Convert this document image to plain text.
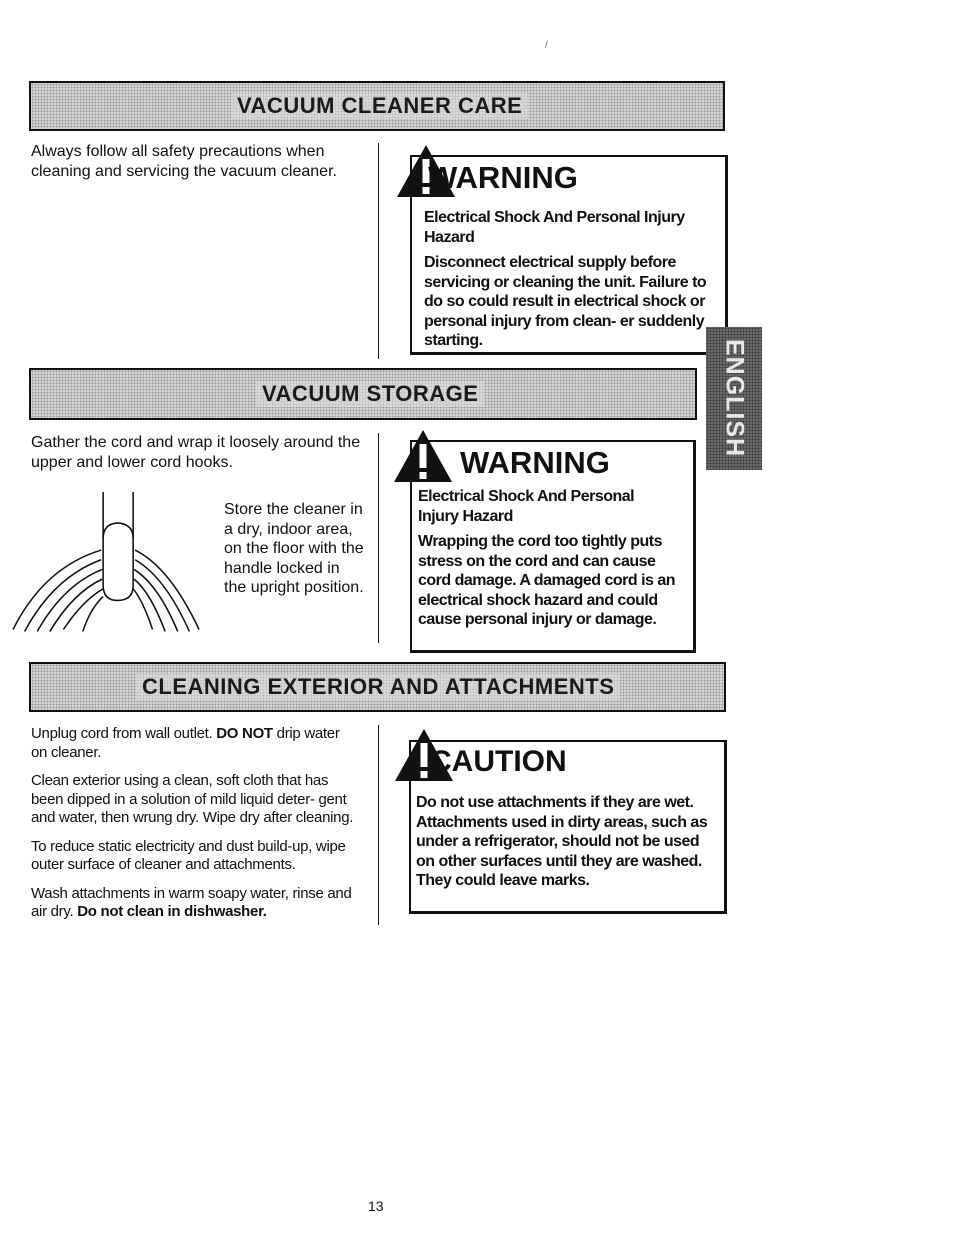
/
VACUUM CLEANER CARE
Always follow all safety precautions when cleaning and servicing the vacuum cleaner.	WARNING

Electrical Shock And Personal Injury Hazard

Disconnect electrical supply before servicing or cleaning the unit. Failure to do so could result in electrical shock or personal injury from clean- er suddenly starting.	ENGLISH
VACUUM STORAGE
Gather the cord and wrap it loosely around the upper and lower cord hooks.
Store the cleaner in a dry, indoor area, on the floor with the handle locked in the upright position.
WARNING

Electrical Shock And Personal Injury Hazard

Wrapping the cord too tightly puts stress on the cord and can cause cord damage. A damaged cord is an electrical shock hazard and could cause personal injury or damage.

CLEANING EXTERIOR AND ATTACHMENTS

Unplug cord from wall outlet. DO NOT drip water on cleaner.

Clean exterior using a clean, soft cloth that has been dipped in a solution of mild liquid deter- gent and water, then wrung dry. Wipe dry after cleaning.

To reduce static electricity and dust build-up, wipe outer surface of cleaner and attachments.

Wash attachments in warm soapy water, rinse and air dry. Do not clean in dishwasher.

CAUTION
Do not use attachments if they are wet. Attachments used in dirty areas, such as under a refrigerator, should not be used on other surfaces until they are washed. They could leave marks.
13
